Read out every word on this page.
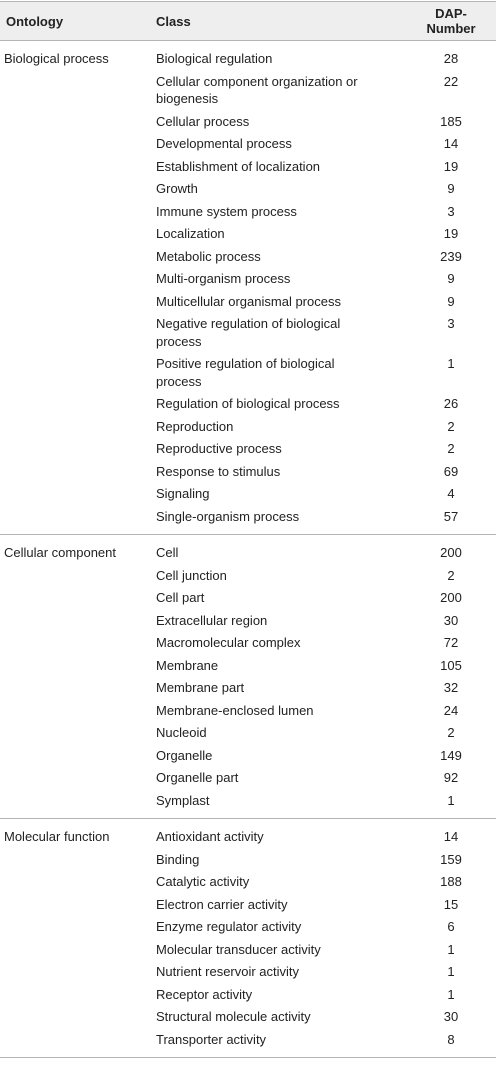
Ontology	Class	DAP-Number
Biological process	Biological regulation	28
	Cellular component organization or biogenesis	22
	Cellular process	185
	Developmental process	14
	Establishment of localization	19
	Growth	9
	Immune system process	3
	Localization	19
	Metabolic process	239
	Multi-organism process	9
	Multicellular organismal process	9
	Negative regulation of biological process	3
	Positive regulation of biological process	1
	Regulation of biological process	26
	Reproduction	2
	Reproductive process	2
	Response to stimulus	69
	Signaling	4
	Single-organism process	57
Cellular component	Cell	200
	Cell junction	2
	Cell part	200
	Extracellular region	30
	Macromolecular complex	72
	Membrane	105
	Membrane part	32
	Membrane-enclosed lumen	24
	Nucleoid	2
	Organelle	149
	Organelle part	92
	Symplast	1
Molecular function	Antioxidant activity	14
	Binding	159
	Catalytic activity	188
	Electron carrier activity	15
	Enzyme regulator activity	6
	Molecular transducer activity	1
	Nutrient reservoir activity	1
	Receptor activity	1
	Structural molecule activity	30
	Transporter activity	8
